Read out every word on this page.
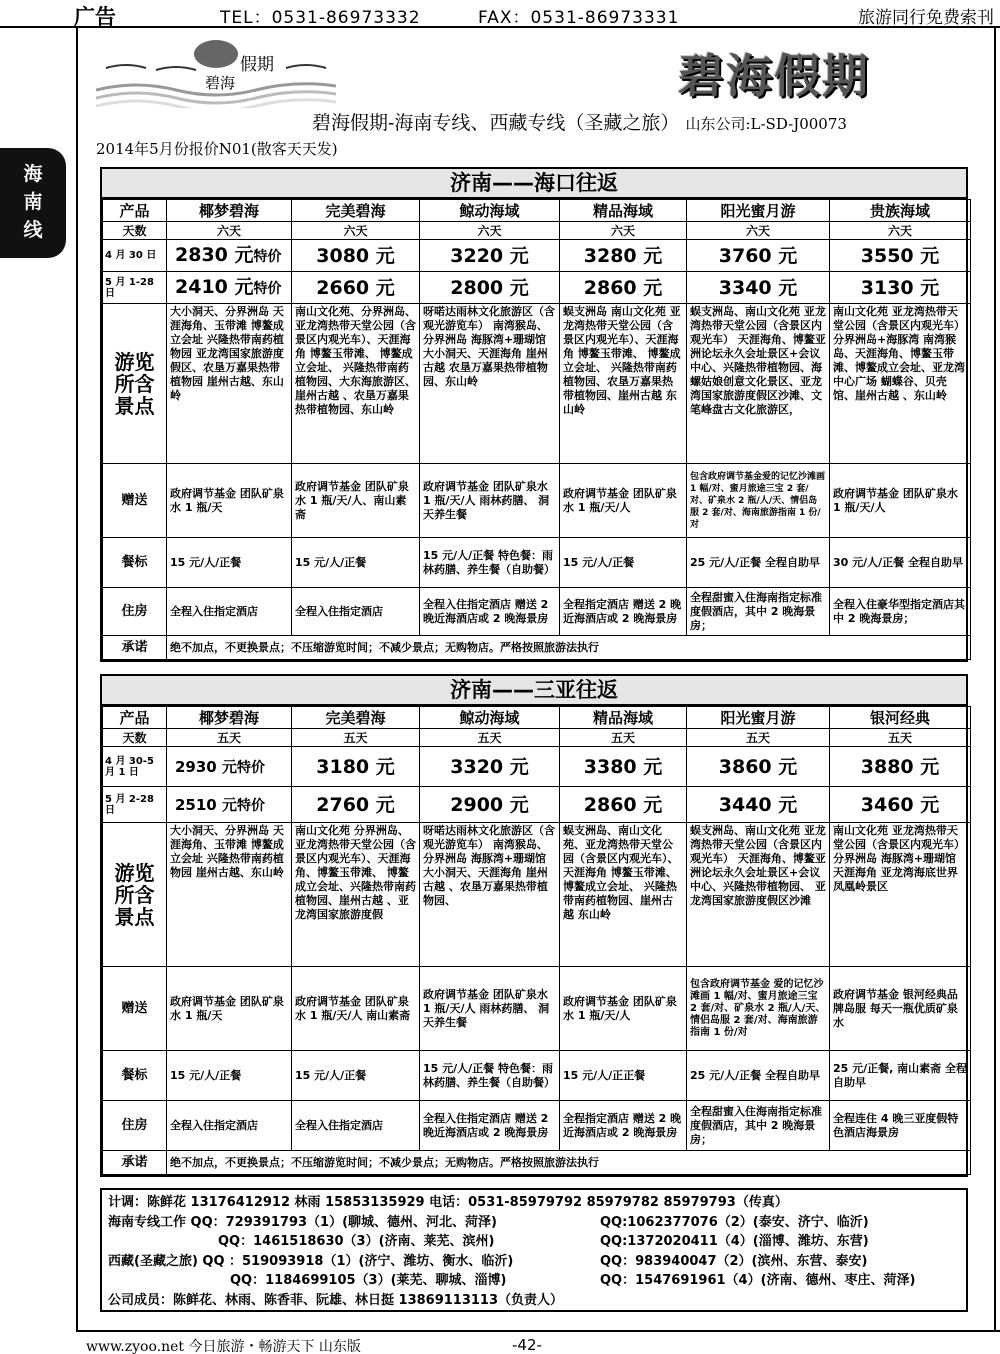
广告	TEL：0531-86973332	FAX：0531-86973331	旅游同行免费索刊
海南线
假期
碧海	碧海假期
碧海假期-海南专线、西藏专线（圣藏之旅） 山东公司:L-SD-J00073
2014年5月份报价N01(散客天天发)
济南——海口往返
产品	椰梦碧海	完美碧海	鲸动海域	精品海域	阳光蜜月游	贵族海域
天数	六天	六天	六天	六天	六天	六天
4 月 30 日	2830 元特价	3080 元	3220 元	3280 元	3760 元	3550 元
5 月 1-28 日	2410 元特价	2660 元	2800 元	2860 元	3340 元	3130 元
游览所含景点	大小洞天、分界洲岛 天涯海角、玉带滩 博鳌成立会址 兴隆热带南药植物园 亚龙湾国家旅游度假区、农垦万嘉果热带植物园 崖州古越、东山岭	南山文化苑、分界洲岛、亚龙湾热带天堂公园（含景区内观光车）、天涯海角 博鳌玉带滩、 博鳌成立会址、 兴隆热带南药植物园、大东海旅游区、崖州古越 、农垦万嘉果热带植物园、东山岭	呀喏达雨林文化旅游区（含观光游览车） 南湾猴岛、分界洲岛 海豚湾+珊瑚馆 大小洞天、天涯海角 崖州古越 农垦万嘉果热带植物园、东山岭	蜈支洲岛 南山文化苑 亚龙湾热带天堂公园（含景区内观光车）、天涯海角 博鳌玉带滩、 博鳌成立会址、 兴隆热带南药植物园、农垦万嘉果热带植物园、崖州古越 东山岭	蜈支洲岛、南山文化苑 亚龙湾热带天堂公园（含景区内观光车） 天涯海角、博鳌亚洲论坛永久会址景区+会议中心、兴隆热带植物园、海螺姑娘创意文化景区、亚龙湾国家旅游度假区沙滩、文笔峰盘古文化旅游区，	南山文化苑 亚龙湾热带天堂公园（含景区内观光车） 分界洲岛+海豚湾 南湾猴岛、天涯海角、博鳌玉带滩、博鳌成立会址、亚龙湾中心广场 蝴蝶谷、贝壳馆、崖州古越 、东山岭
赠送	政府调节基金 团队矿泉水 1 瓶/天	政府调节基金 团队矿泉水 1 瓶/天/人、南山素斋	政府调节基金 团队矿泉水 1 瓶/天/人 雨林药膳、 洞天养生餐	政府调节基金 团队矿泉水 1 瓶/天/人	包含政府调节基金爱的记忆沙滩画 1 幅/对、蜜月旅途三宝 2 套/对、矿泉水 2 瓶/人/天、情侣岛服 2 套/对、海南旅游指南 1 份/对	政府调节基金 团队矿泉水 1 瓶/天/人
餐标	15 元/人/正餐	15 元/人/正餐	15 元/人/正餐 特色餐：雨林药膳、养生餐（自助餐）	15 元/人/正餐	25 元/人/正餐 全程自助早	30 元/人/正餐 全程自助早
住房	全程入住指定酒店	全程入住指定酒店	全程入住指定酒店 赠送 2 晚近海酒店或 2 晚海景房	全程指定酒店 赠送 2 晚近海酒店或 2 晚海景房	全程甜蜜入住海南指定标准度假酒店，其中 2 晚海景房；	全程入住豪华型指定酒店其中 2 晚海景房；
承诺	绝不加点，不更换景点；不压缩游览时间；不减少景点；无购物店。严格按照旅游法执行					
济南——三亚往返
产品	椰梦碧海	完美碧海	鲸动海域	精品海域	阳光蜜月游	银河经典
天数	五天	五天	五天	五天	五天	五天
4 月 30-5 月 1 日	2930 元特价	3180 元	3320 元	3380 元	3860 元	3880 元
5 月 2-28 日	2510 元特价	2760 元	2900 元	2860 元	3440 元	3460 元
游览所含景点	大小洞天、分界洲岛 天涯海角、玉带滩 博鳌成立会址 兴隆热带南药植物园 崖州古越、东山岭	南山文化苑 分界洲岛、亚龙湾热带天堂公园（含景区内观光车）、天涯海角、博鳌玉带滩、 博鳌成立会址、兴隆热带南药植物园、崖州古越 、亚龙湾国家旅游度假	呀喏达雨林文化旅游区（含观光游览车） 南湾猴岛、分界洲岛 海豚湾+珊瑚馆 大小洞天、天涯海角 崖州古越 、农垦万嘉果热带植物园、	蜈支洲岛、南山文化苑、亚龙湾热带天堂公园（含景区内观光车）、天涯海角 博鳌玉带滩、 博鳌成立会址、 兴隆热带南药植物园、崖州古越 东山岭	蜈支洲岛、南山文化苑 亚龙湾热带天堂公园（含景区内观光车） 天涯海角、博鳌亚洲论坛永久会址景区+会议中心、兴隆热带植物园、 亚龙湾国家旅游度假区沙滩	南山文化苑 亚龙湾热带天堂公园（含景区内观光车） 分界洲岛 海豚湾+珊瑚馆 天涯海角 亚龙湾海底世界 凤凰岭景区
赠送	政府调节基金 团队矿泉水 1 瓶/天	政府调节基金 团队矿泉水 1 瓶/天/人 南山素斋	政府调节基金 团队矿泉水 1 瓶/天/人 雨林药膳、 洞天养生餐	政府调节基金 团队矿泉水 1 瓶/天/人	包含政府调节基金 爱的记忆沙滩画 1 幅/对、蜜月旅途三宝 2 套/对、矿泉水 2 瓶/人/天、情侣岛服 2 套/对、海南旅游指南 1 份/对	政府调节基金 银河经典品牌岛服 每天一瓶优质矿泉水
餐标	15 元/人/正餐	15 元/人/正餐	15 元/人/正餐 特色餐：雨林药膳、养生餐（自助餐）	15 元/人/正正餐	25 元/人/正餐 全程自助早	25 元/正餐, 南山素斋 全程自助早
住房	全程入住指定酒店	全程入住指定酒店	全程入住指定酒店 赠送 2 晚近海酒店或 2 晚海景房	全程指定酒店 赠送 2 晚近海酒店或 2 晚海景房	全程甜蜜入住海南指定标准度假酒店，其中 2 晚海景房；	全程连住 4 晚三亚度假特色酒店海景房
承诺	绝不加点，不更换景点；不压缩游览时间；不减少景点；无购物店。严格按照旅游法执行					
计调：陈鲜花 13176412912 林雨 15853135929 电话：0531-85979792 85979782 85979793（传真）
海南专线工作 QQ：729391793（1）(聊城、德州、河北、菏泽)	QQ:1062377076（2）(泰安、济宁、临沂)
QQ：1461518630（3）(济南、莱芜、滨州)	QQ:1372020411（4）(淄博、潍坊、东营)
西藏(圣藏之旅) QQ ：519093918（1）(济宁、潍坊、衡水、临沂)	QQ：983940047（2）(滨州、东营、泰安)
QQ：1184699105（3）(莱芜、聊城、淄博)	QQ：1547691961（4）(济南、德州、枣庄、菏泽)
公司成员：陈鲜花、林雨、陈香菲、阮雄、林日挺 13869113113（负责人）
www.zyoo.net 今日旅游・畅游天下 山东版	-42-
